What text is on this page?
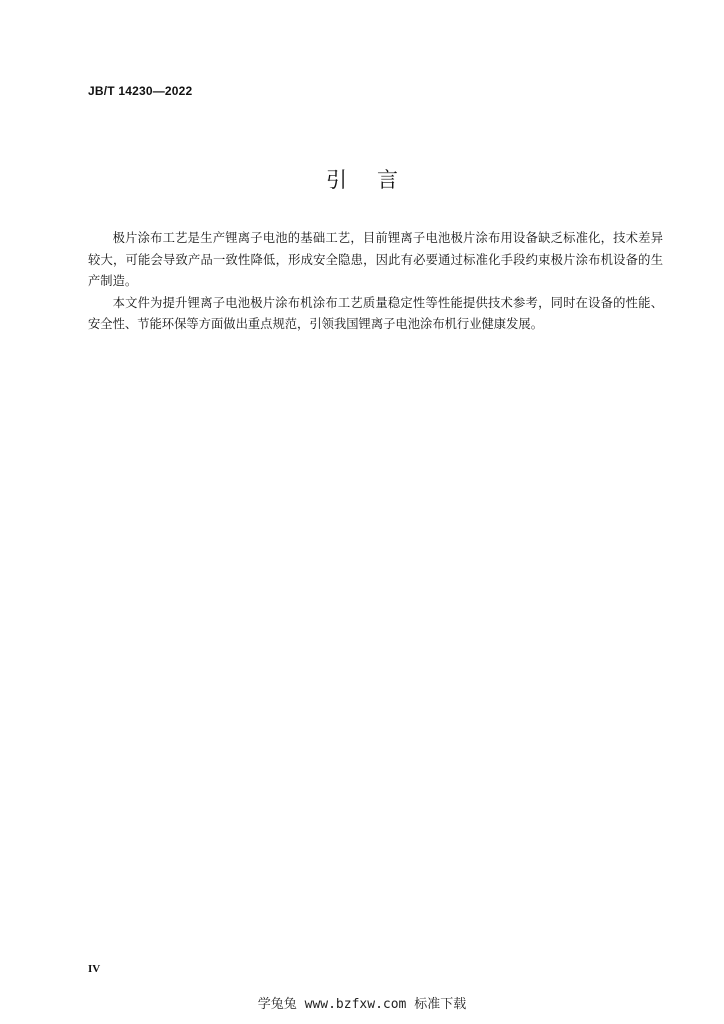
JB/T 14230—2022
引言

极片涂布工艺是生产锂离子电池的基础工艺，目前锂离子电池极片涂布用设备缺乏标准化，技术差异较大，可能会导致产品一致性降低，形成安全隐患，因此有必要通过标准化手段约束极片涂布机设备的生产制造。

本文件为提升锂离子电池极片涂布机涂布工艺质量稳定性等性能提供技术参考，同时在设备的性能、安全性、节能环保等方面做出重点规范，引领我国锂离子电池涂布机行业健康发展。

IV
学兔兔 www.bzfxw.com 标准下载
